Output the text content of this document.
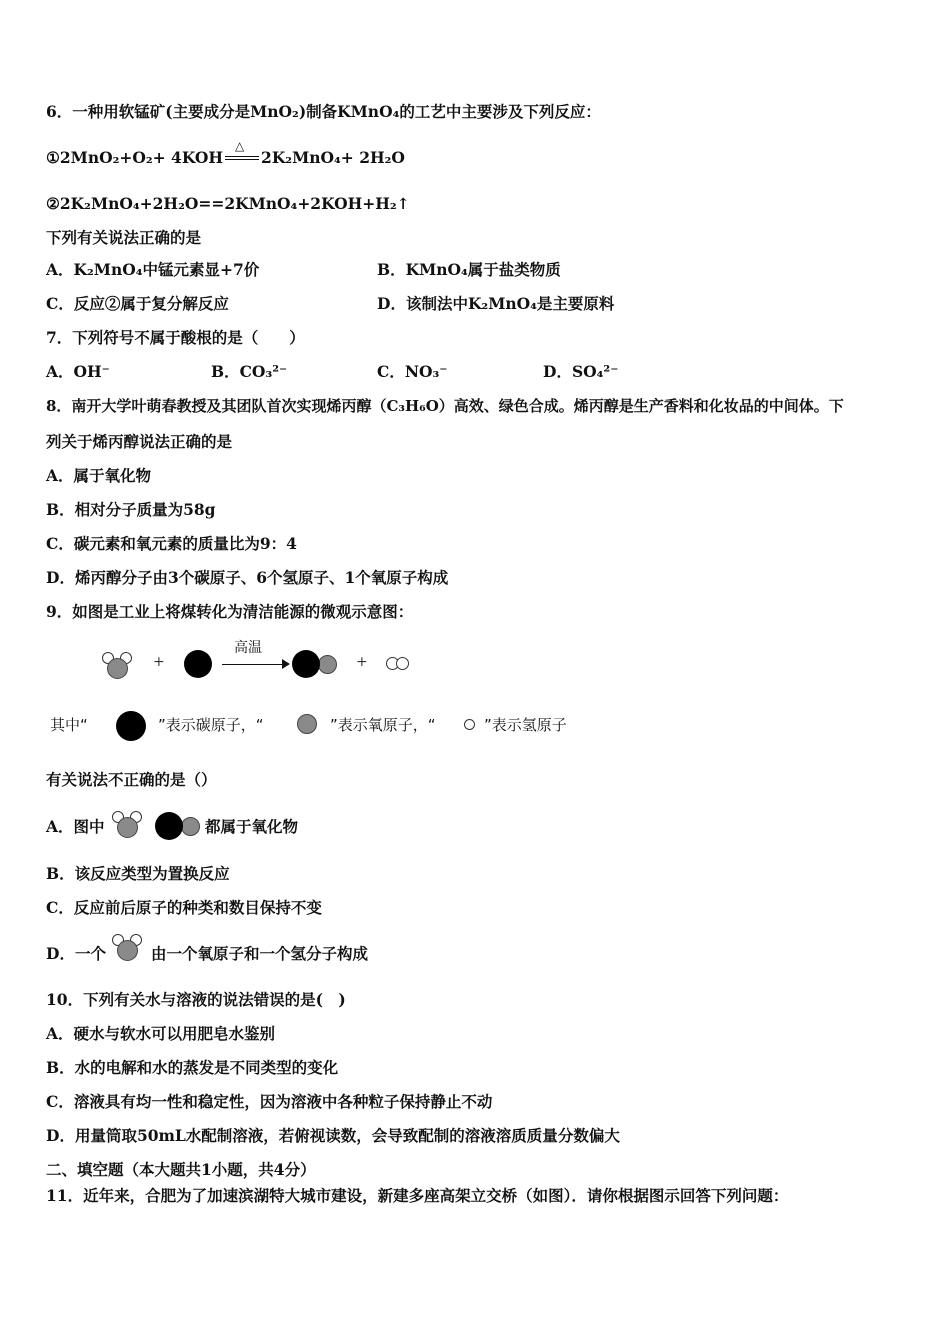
6．一种用软锰矿(主要成分是MnO₂)制备KMnO₄的工艺中主要涉及下列反应：
①2MnO₂+O₂+ 4KOH
△
2K₂MnO₄+ 2H₂O
②2K₂MnO₄+2H₂O==2KMnO₄+2KOH+H₂↑
下列有关说法正确的是
A．K₂MnO₄中锰元素显+7价	B．KMnO₄属于盐类物质
C．反应②属于复分解反应	D．该制法中K₂MnO₄是主要原料
7．下列符号不属于酸根的是（　　）
A．OH⁻	B．CO₃²⁻	C．NO₃⁻	D．SO₄²⁻
8．南开大学叶萌春教授及其团队首次实现烯丙醇（C₃H₆O）高效、绿色合成。烯丙醇是生产香料和化妆品的中间体。下
列关于烯丙醇说法正确的是
A．属于氧化物
B．相对分子质量为58g
C．碳元素和氧元素的质量比为9：4
D．烯丙醇分子由3个碳原子、6个氢原子、1个氧原子构成
9．如图是工业上将煤转化为清洁能源的微观示意图：
+
高温
+
其中“	”表示碳原子，“	”表示氧原子，“	”表示氢原子
有关说法不正确的是（）
A．图中	都属于氧化物
B．该反应类型为置换反应
C．反应前后原子的种类和数目保持不变
D．一个	由一个氧原子和一个氢分子构成
10．下列有关水与溶液的说法错误的是(　)
A．硬水与软水可以用肥皂水鉴别
B．水的电解和水的蒸发是不同类型的变化
C．溶液具有均一性和稳定性，因为溶液中各种粒子保持静止不动
D．用量筒取50mL水配制溶液，若俯视读数，会导致配制的溶液溶质质量分数偏大
二、填空题（本大题共1小题，共4分）
11．近年来，合肥为了加速滨湖特大城市建设，新建多座高架立交桥（如图）．请你根据图示回答下列问题：
